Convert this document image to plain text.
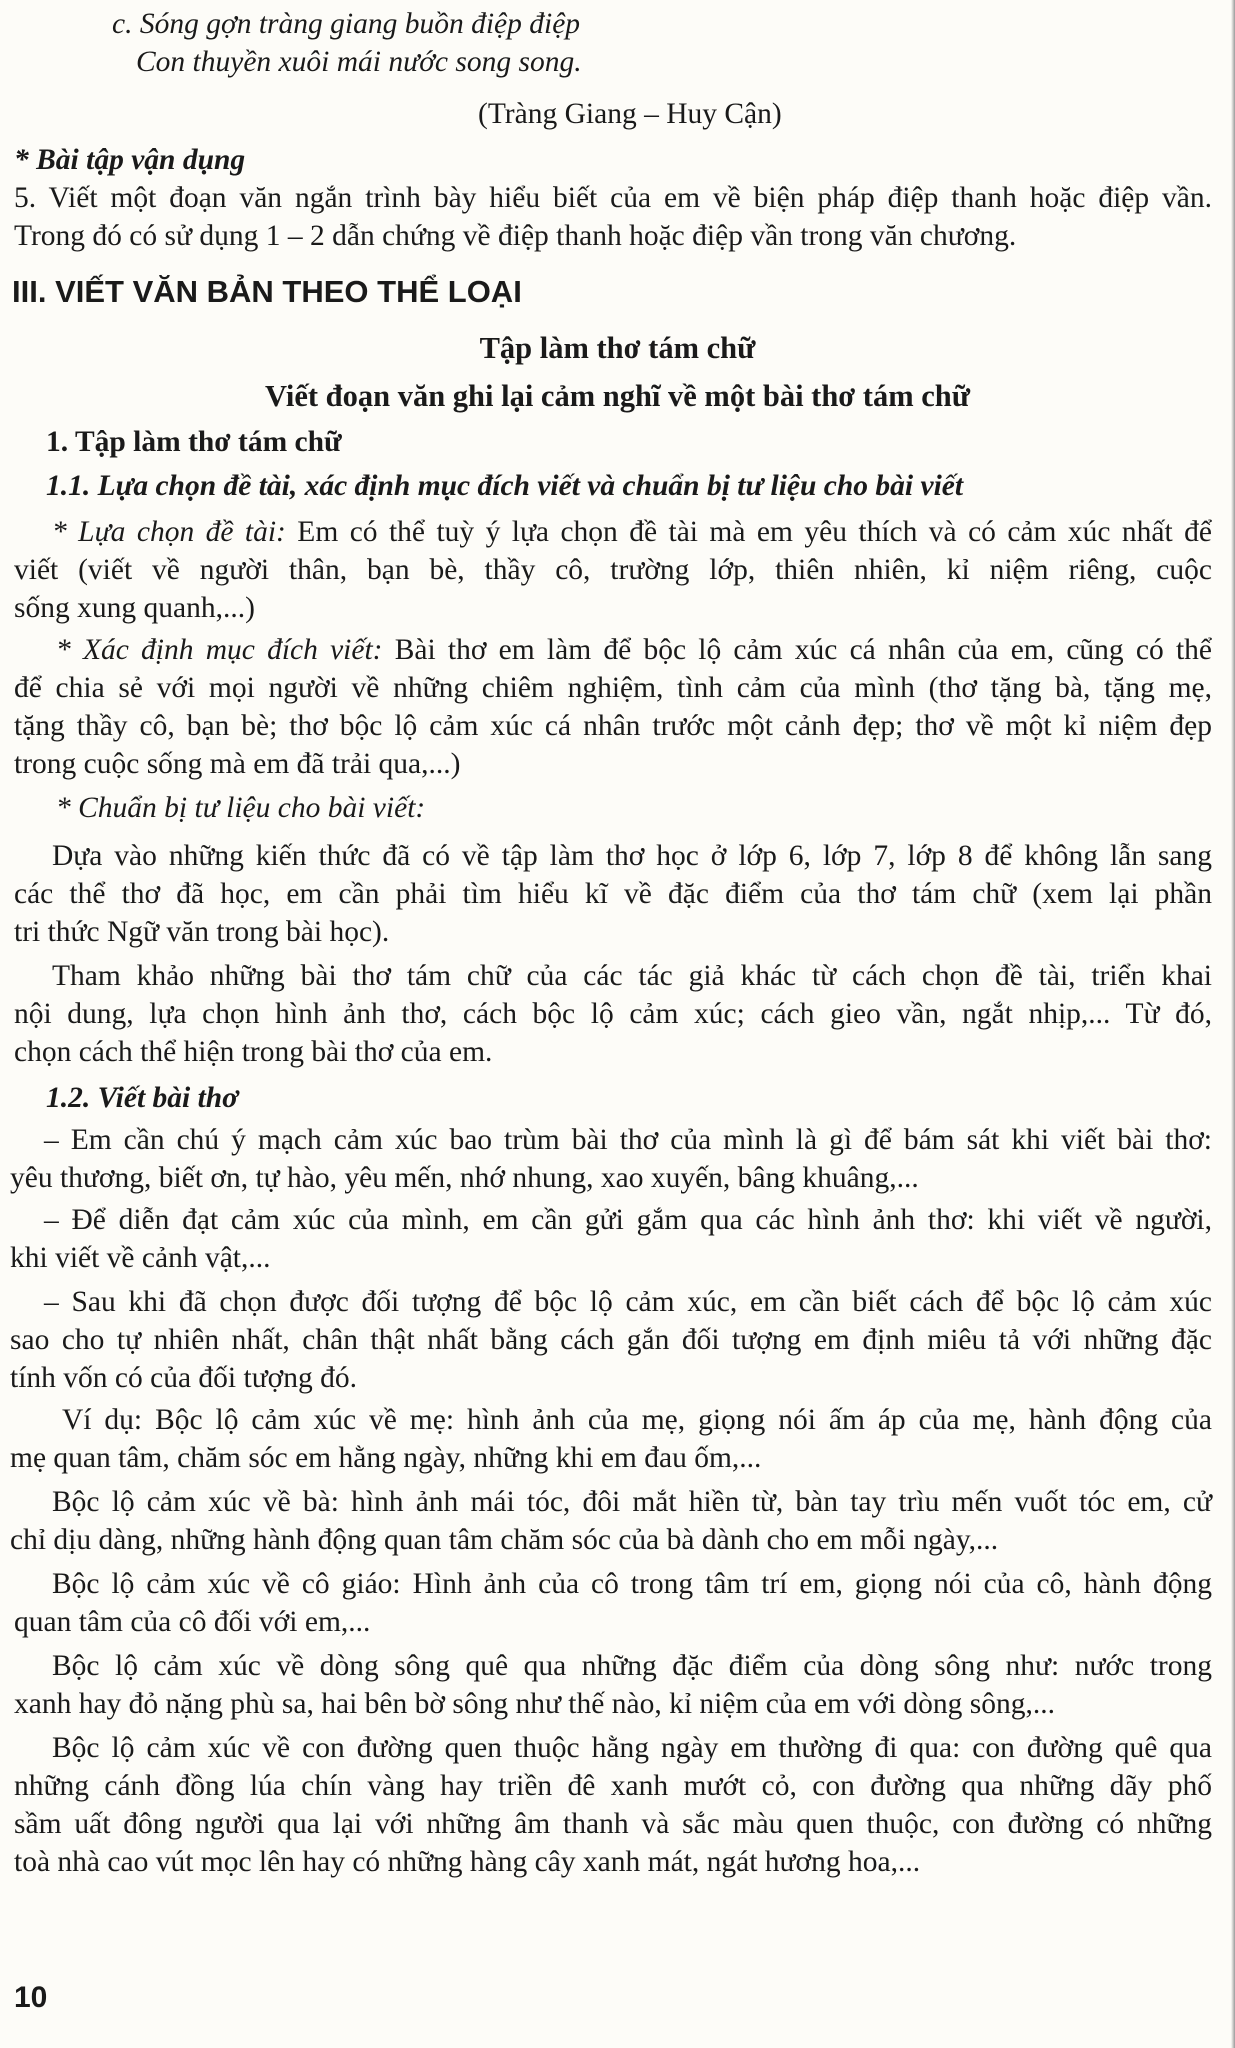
c. Sóng gợn tràng giang buồn điệp điệp
Con thuyền xuôi mái nước song song.
(Tràng Giang – Huy Cận)
* Bài tập vận dụng
5. Viết một đoạn văn ngắn trình bày hiểu biết của em về biện pháp điệp thanh hoặc điệp vần.
Trong đó có sử dụng 1 – 2 dẫn chứng về điệp thanh hoặc điệp vần trong văn chương.
III. VIẾT VĂN BẢN THEO THỂ LOẠI
Tập làm thơ tám chữ
Viết đoạn văn ghi lại cảm nghĩ về một bài thơ tám chữ
1. Tập làm thơ tám chữ
1.1. Lựa chọn đề tài, xác định mục đích viết và chuẩn bị tư liệu cho bài viết
* Lựa chọn đề tài: Em có thể tuỳ ý lựa chọn đề tài mà em yêu thích và có cảm xúc nhất để
viết (viết về người thân, bạn bè, thầy cô, trường lớp, thiên nhiên, kỉ niệm riêng, cuộc
sống xung quanh,...)
* Xác định mục đích viết: Bài thơ em làm để bộc lộ cảm xúc cá nhân của em, cũng có thể
để chia sẻ với mọi người về những chiêm nghiệm, tình cảm của mình (thơ tặng bà, tặng mẹ,
tặng thầy cô, bạn bè; thơ bộc lộ cảm xúc cá nhân trước một cảnh đẹp; thơ về một kỉ niệm đẹp
trong cuộc sống mà em đã trải qua,...)
* Chuẩn bị tư liệu cho bài viết:
Dựa vào những kiến thức đã có về tập làm thơ học ở lớp 6, lớp 7, lớp 8 để không lẫn sang
các thể thơ đã học, em cần phải tìm hiểu kĩ về đặc điểm của thơ tám chữ (xem lại phần
tri thức Ngữ văn trong bài học).
Tham khảo những bài thơ tám chữ của các tác giả khác từ cách chọn đề tài, triển khai
nội dung, lựa chọn hình ảnh thơ, cách bộc lộ cảm xúc; cách gieo vần, ngắt nhịp,... Từ đó,
chọn cách thể hiện trong bài thơ của em.
1.2. Viết bài thơ
– Em cần chú ý mạch cảm xúc bao trùm bài thơ của mình là gì để bám sát khi viết bài thơ:
yêu thương, biết ơn, tự hào, yêu mến, nhớ nhung, xao xuyến, bâng khuâng,...
– Để diễn đạt cảm xúc của mình, em cần gửi gắm qua các hình ảnh thơ: khi viết về người,
khi viết về cảnh vật,...
– Sau khi đã chọn được đối tượng để bộc lộ cảm xúc, em cần biết cách để bộc lộ cảm xúc
sao cho tự nhiên nhất, chân thật nhất bằng cách gắn đối tượng em định miêu tả với những đặc
tính vốn có của đối tượng đó.
Ví dụ: Bộc lộ cảm xúc về mẹ: hình ảnh của mẹ, giọng nói ấm áp của mẹ, hành động của
mẹ quan tâm, chăm sóc em hằng ngày, những khi em đau ốm,...
Bộc lộ cảm xúc về bà: hình ảnh mái tóc, đôi mắt hiền từ, bàn tay trìu mến vuốt tóc em, cử
chỉ dịu dàng, những hành động quan tâm chăm sóc của bà dành cho em mỗi ngày,...
Bộc lộ cảm xúc về cô giáo: Hình ảnh của cô trong tâm trí em, giọng nói của cô, hành động
quan tâm của cô đối với em,...
Bộc lộ cảm xúc về dòng sông quê qua những đặc điểm của dòng sông như: nước trong
xanh hay đỏ nặng phù sa, hai bên bờ sông như thế nào, kỉ niệm của em với dòng sông,...
Bộc lộ cảm xúc về con đường quen thuộc hằng ngày em thường đi qua: con đường quê qua
những cánh đồng lúa chín vàng hay triền đê xanh mướt cỏ, con đường qua những dãy phố
sầm uất đông người qua lại với những âm thanh và sắc màu quen thuộc, con đường có những
toà nhà cao vút mọc lên hay có những hàng cây xanh mát, ngát hương hoa,...
10
